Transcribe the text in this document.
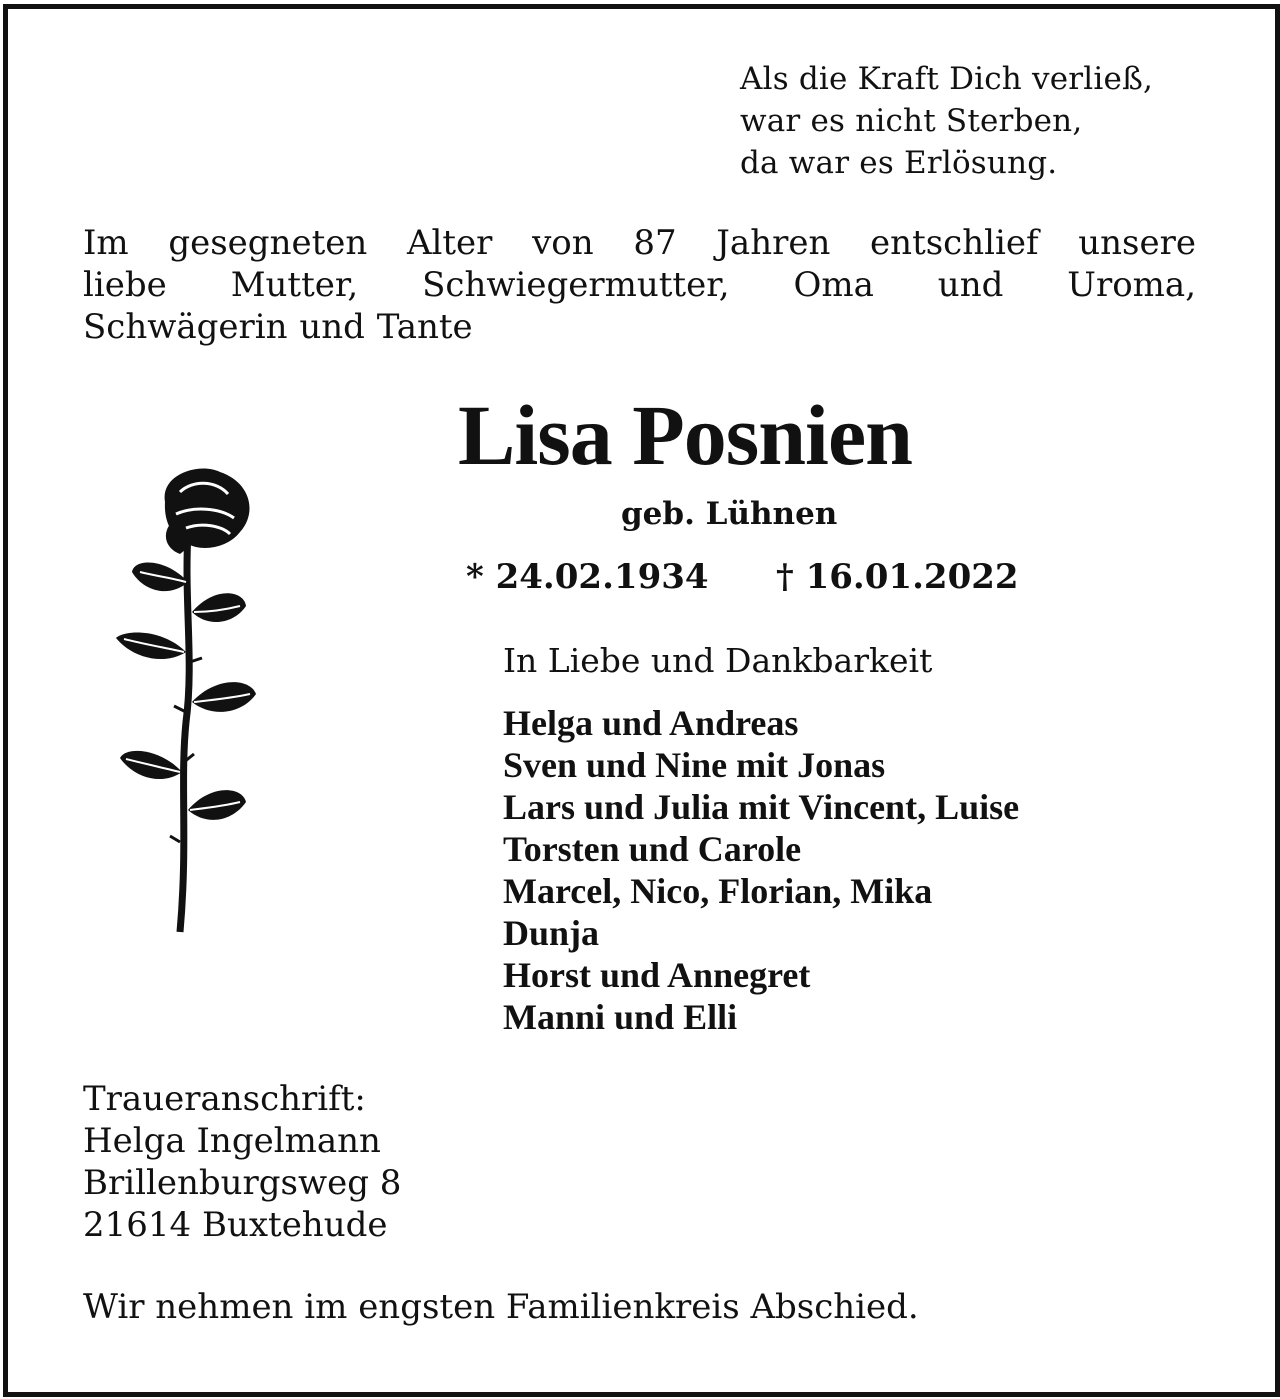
Als die Kraft Dich verließ,
war es nicht Sterben,
da war es Erlösung.
Im gesegneten Alter von 87 Jahren entschlief unsere
liebe Mutter, Schwiegermutter, Oma und Uroma,
Schwägerin und Tante
Lisa Posnien
geb. Lühnen
* 24.02.1934 † 16.01.2022
In Liebe und Dankbarkeit
Helga und Andreas
Sven und Nine mit Jonas
Lars und Julia mit Vincent, Luise
Torsten und Carole
Marcel, Nico, Florian, Mika
Dunja
Horst und Annegret
Manni und Elli
Traueranschrift:
Helga Ingelmann
Brillenburgsweg 8
21614 Buxtehude
Wir nehmen im engsten Familienkreis Abschied.
